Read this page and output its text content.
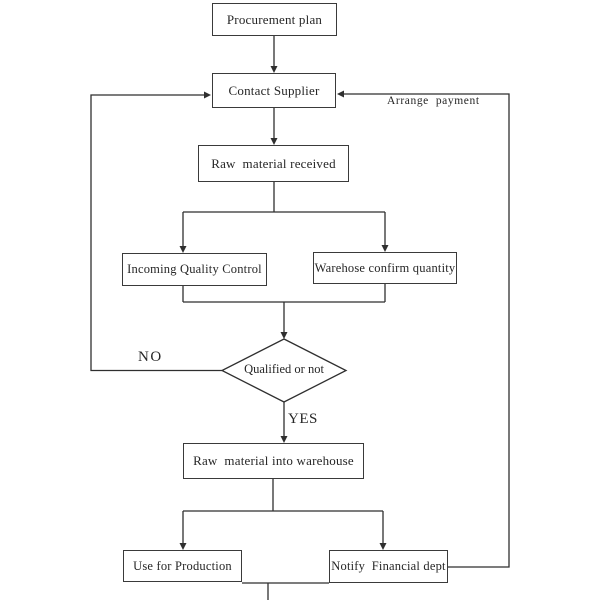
Procurement plan
Contact Supplier
Raw  material received
Incoming Quality Control	Warehose confirm quantity
Qualified or not
Raw  material into warehouse
Use for Production	Notify  Financial dept
NO
YES
Arrange  payment
